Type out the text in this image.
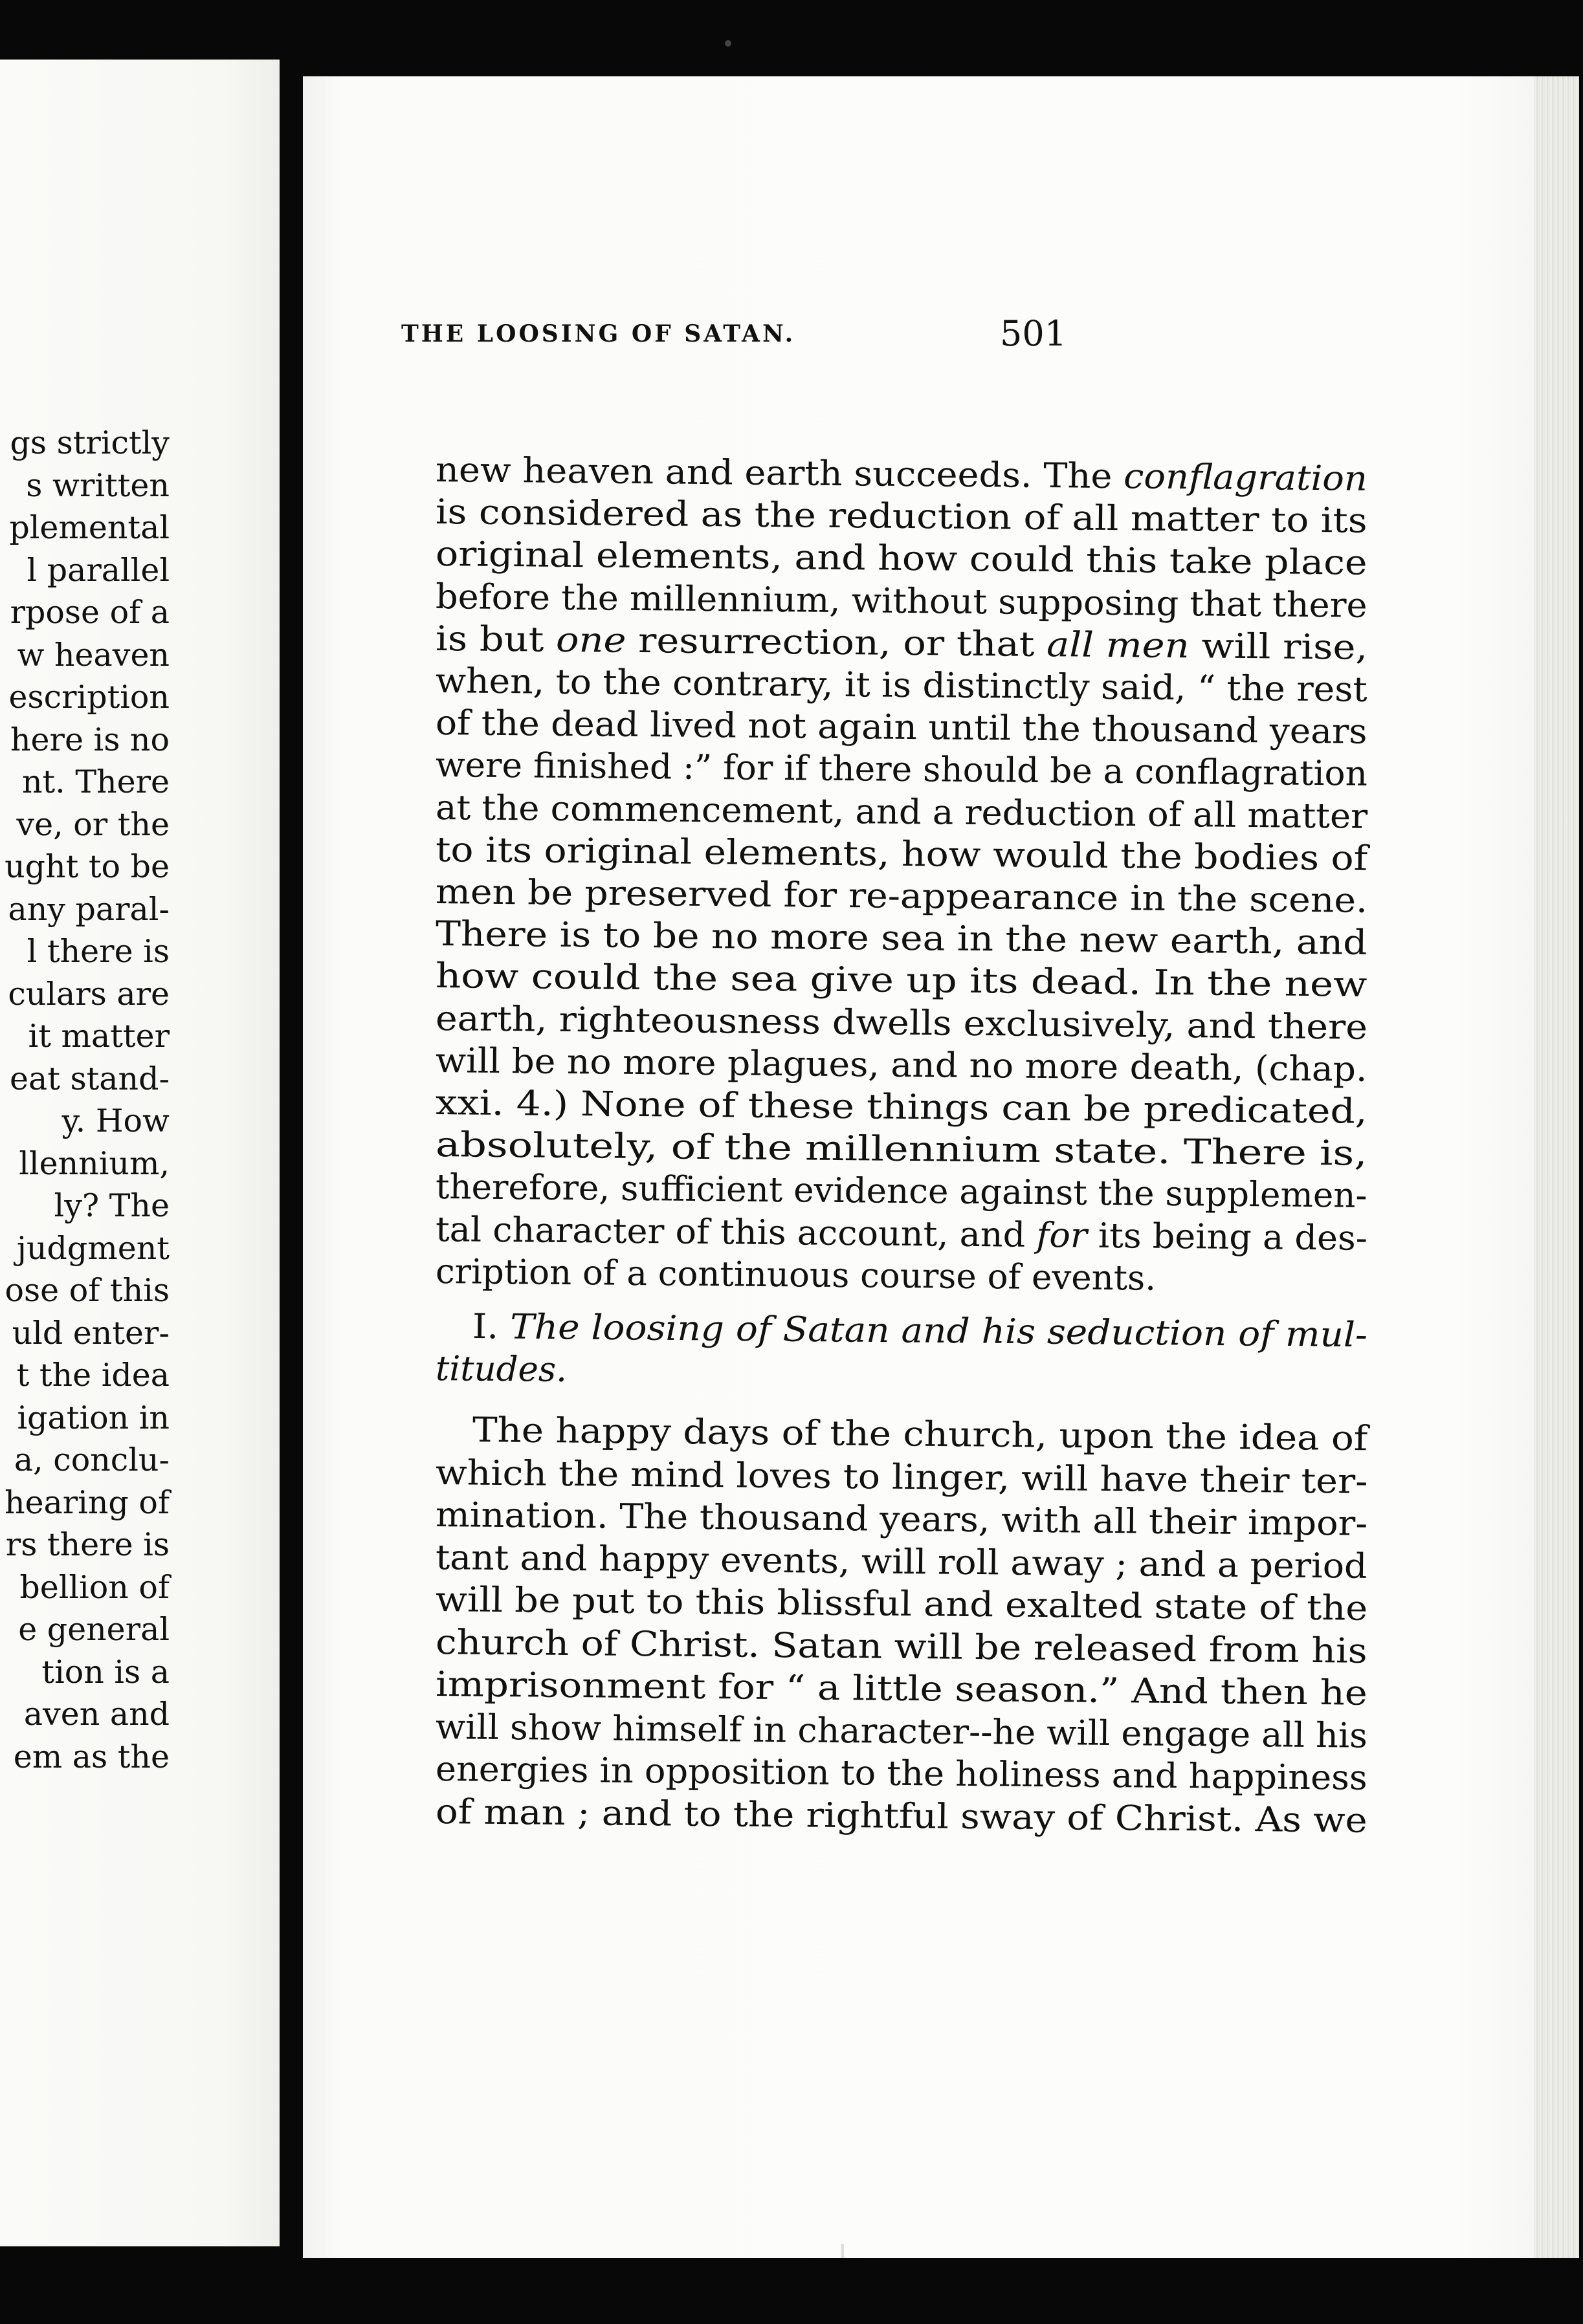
gs strictly
s written
plemental
l parallel
rpose of a
w heaven
escription
here is no
nt. There
ve, or the
ught to be
any paral-
l there is
culars are
it matter
eat stand-
y. How
llennium,
ly? The
judgment
ose of this
uld enter-
t the idea
igation in
a, conclu-
hearing of
rs there is
bellion of
e general
tion is a
aven and
em as the
new heaven and earth succeeds. The conflagration
is considered as the reduction of all matter to its
original elements, and how could this take place
before the millennium, without supposing that there
is but one resurrection, or that all men will rise,
when, to the contrary, it is distinctly said, “ the rest
of the dead lived not again until the thousand years
were finished :” for if there should be a conflagration
at the commencement, and a reduction of all matter
to its original elements, how would the bodies of
men be preserved for re-appearance in the scene.
There is to be no more sea in the new earth, and
how could the sea give up its dead. In the new
earth, righteousness dwells exclusively, and there
will be no more plagues, and no more death, (chap.
xxi. 4.) None of these things can be predicated,
absolutely, of the millennium state. There is,
therefore, sufficient evidence against the supplemen-
tal character of this account, and for its being a des-
cription of a continuous course of events.
I. The loosing of Satan and his seduction of mul-
titudes.
The happy days of the church, upon the idea of
which the mind loves to linger, will have their ter-
mination. The thousand years, with all their impor-
tant and happy events, will roll away ; and a period
will be put to this blissful and exalted state of the
church of Christ. Satan will be released from his
imprisonment for “ a little season.” And then he
will show himself in character--he will engage all his
energies in opposition to the holiness and happiness
of man ; and to the rightful sway of Christ. As we
THE LOOSING OF SATAN.	501
